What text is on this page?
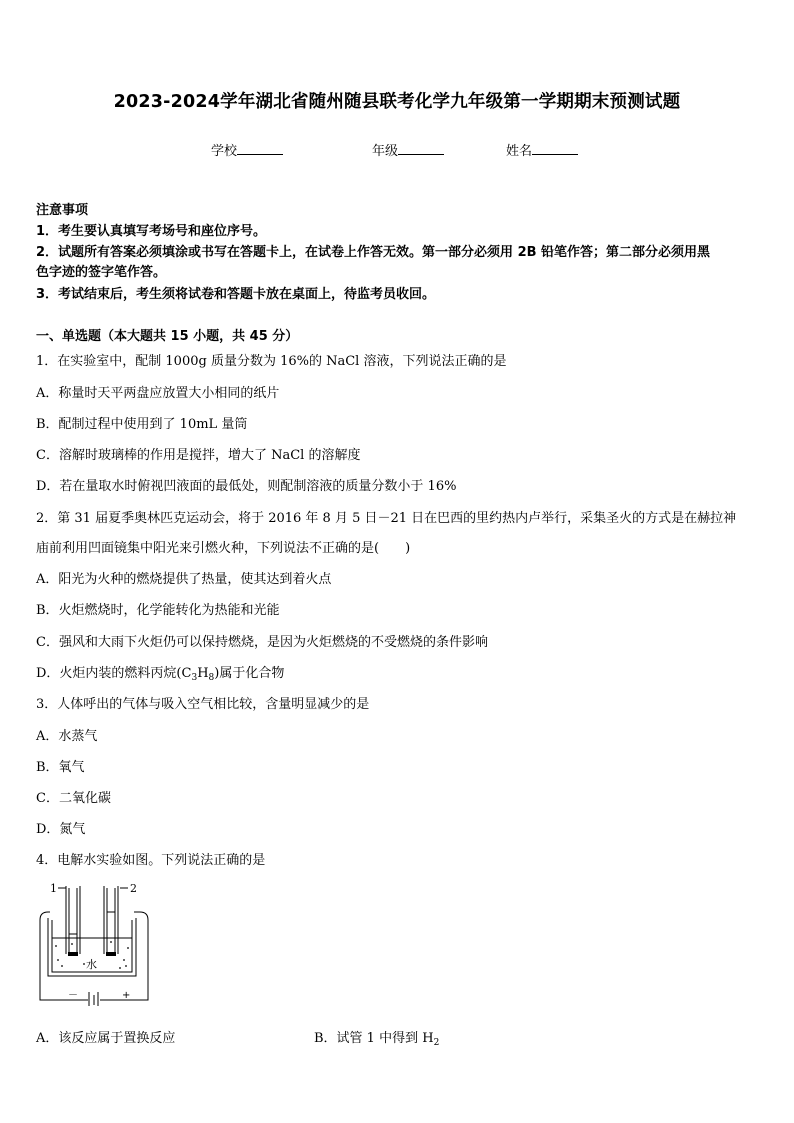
2023-2024学年湖北省随州随县联考化学九年级第一学期期末预测试题
学校	年级	姓名
注意事项
1．考生要认真填写考场号和座位序号。
2．试题所有答案必须填涂或书写在答题卡上，在试卷上作答无效。第一部分必须用 2B 铅笔作答；第二部分必须用黑
色字迹的签字笔作答。
3．考试结束后，考生须将试卷和答题卡放在桌面上，待监考员收回。
一、单选题（本大题共 15 小题，共 45 分）
1．在实验室中，配制 1000g 质量分数为 16%的 NaCl 溶液，下列说法正确的是
A．称量时天平两盘应放置大小相同的纸片
B．配制过程中使用到了 10mL 量筒
C．溶解时玻璃棒的作用是搅拌，增大了 NaCl 的溶解度
D．若在量取水时俯视凹液面的最低处，则配制溶液的质量分数小于 16%
2．第 31 届夏季奥林匹克运动会，将于 2016 年 8 月 5 日－21 日在巴西的里约热内卢举行，采集圣火的方式是在赫拉神
庙前利用凹面镜集中阳光来引燃火种，下列说法不正确的是(　　)
A．阳光为火种的燃烧提供了热量，使其达到着火点
B．火炬燃烧时，化学能转化为热能和光能
C．强风和大雨下火炬仍可以保持燃烧，是因为火炬燃烧的不受燃烧的条件影响
D．火炬内装的燃料丙烷$(C_3H_8)$属于化合物
3．人体呼出的气体与吸入空气相比较，含量明显减少的是
A．水蒸气
B．氧气
C．二氧化碳
D．氮气
4．电解水实验如图。下列说法正确的是
1	2
水
－	+
A．该反应属于置换反应	B．试管 1 中得到 $H_2$
